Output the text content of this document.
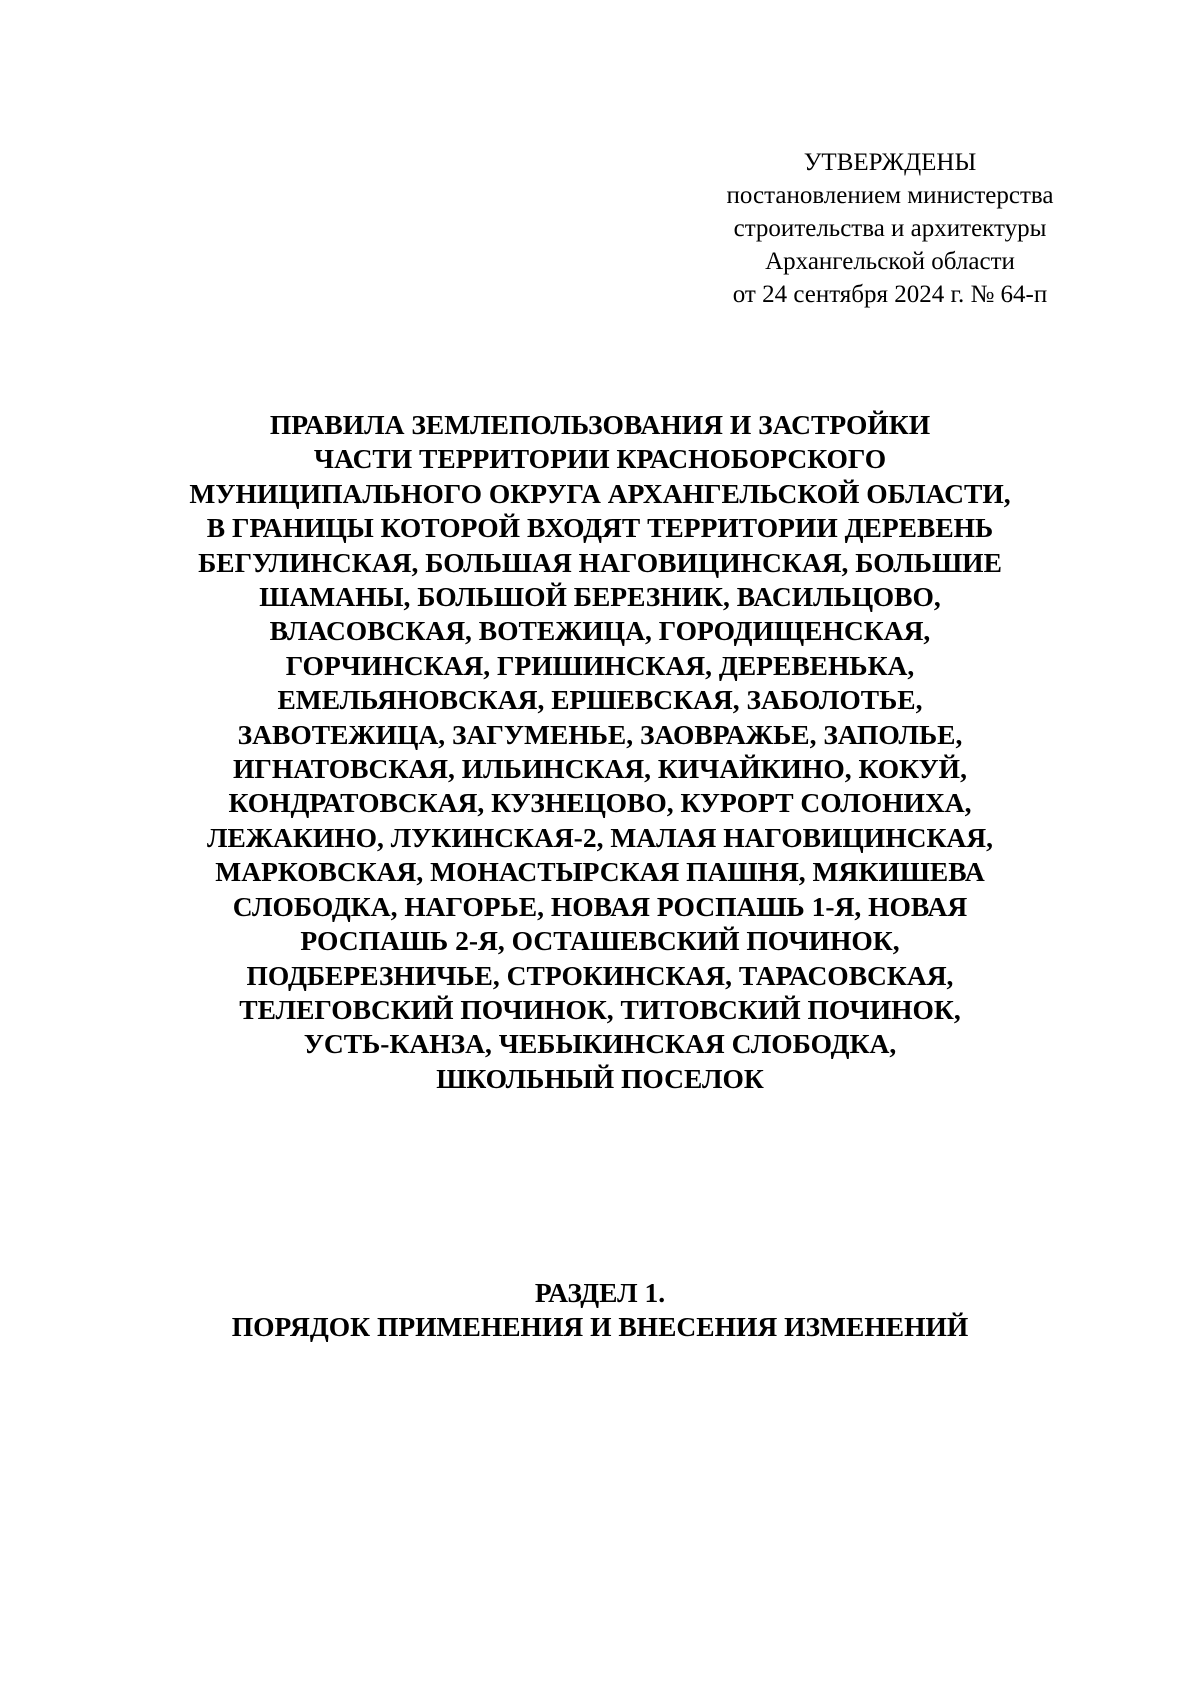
УТВЕРЖДЕНЫ
постановлением министерства
строительства и архитектуры
Архангельской области
от 24 сентября 2024 г. № 64-п
ПРАВИЛА ЗЕМЛЕПОЛЬЗОВАНИЯ И ЗАСТРОЙКИ
ЧАСТИ ТЕРРИТОРИИ КРАСНОБОРСКОГО
МУНИЦИПАЛЬНОГО ОКРУГА АРХАНГЕЛЬСКОЙ ОБЛАСТИ,
В ГРАНИЦЫ КОТОРОЙ ВХОДЯТ ТЕРРИТОРИИ ДЕРЕВЕНЬ
БЕГУЛИНСКАЯ, БОЛЬШАЯ НАГОВИЦИНСКАЯ, БОЛЬШИЕ
ШАМАНЫ, БОЛЬШОЙ БЕРЕЗНИК, ВАСИЛЬЦОВО,
ВЛАСОВСКАЯ, ВОТЕЖИЦА, ГОРОДИЩЕНСКАЯ,
ГОРЧИНСКАЯ, ГРИШИНСКАЯ, ДЕРЕВЕНЬКА,
ЕМЕЛЬЯНОВСКАЯ, ЕРШЕВСКАЯ, ЗАБОЛОТЬЕ,
ЗАВОТЕЖИЦА, ЗАГУМЕНЬЕ, ЗАОВРАЖЬЕ, ЗАПОЛЬЕ,
ИГНАТОВСКАЯ, ИЛЬИНСКАЯ, КИЧАЙКИНО, КОКУЙ,
КОНДРАТОВСКАЯ, КУЗНЕЦОВО, КУРОРТ СОЛОНИХА,
ЛЕЖАКИНО, ЛУКИНСКАЯ-2, МАЛАЯ НАГОВИЦИНСКАЯ,
МАРКОВСКАЯ, МОНАСТЫРСКАЯ ПАШНЯ, МЯКИШЕВА
СЛОБОДКА, НАГОРЬЕ, НОВАЯ РОСПАШЬ 1-Я, НОВАЯ
РОСПАШЬ 2-Я, ОСТАШЕВСКИЙ ПОЧИНОК,
ПОДБЕРЕЗНИЧЬЕ, СТРОКИНСКАЯ, ТАРАСОВСКАЯ,
ТЕЛЕГОВСКИЙ ПОЧИНОК, ТИТОВСКИЙ ПОЧИНОК,
УСТЬ-КАНЗА, ЧЕБЫКИНСКАЯ СЛОБОДКА,
ШКОЛЬНЫЙ ПОСЕЛОК
РАЗДЕЛ 1.
ПОРЯДОК ПРИМЕНЕНИЯ И ВНЕСЕНИЯ ИЗМЕНЕНИЙ
